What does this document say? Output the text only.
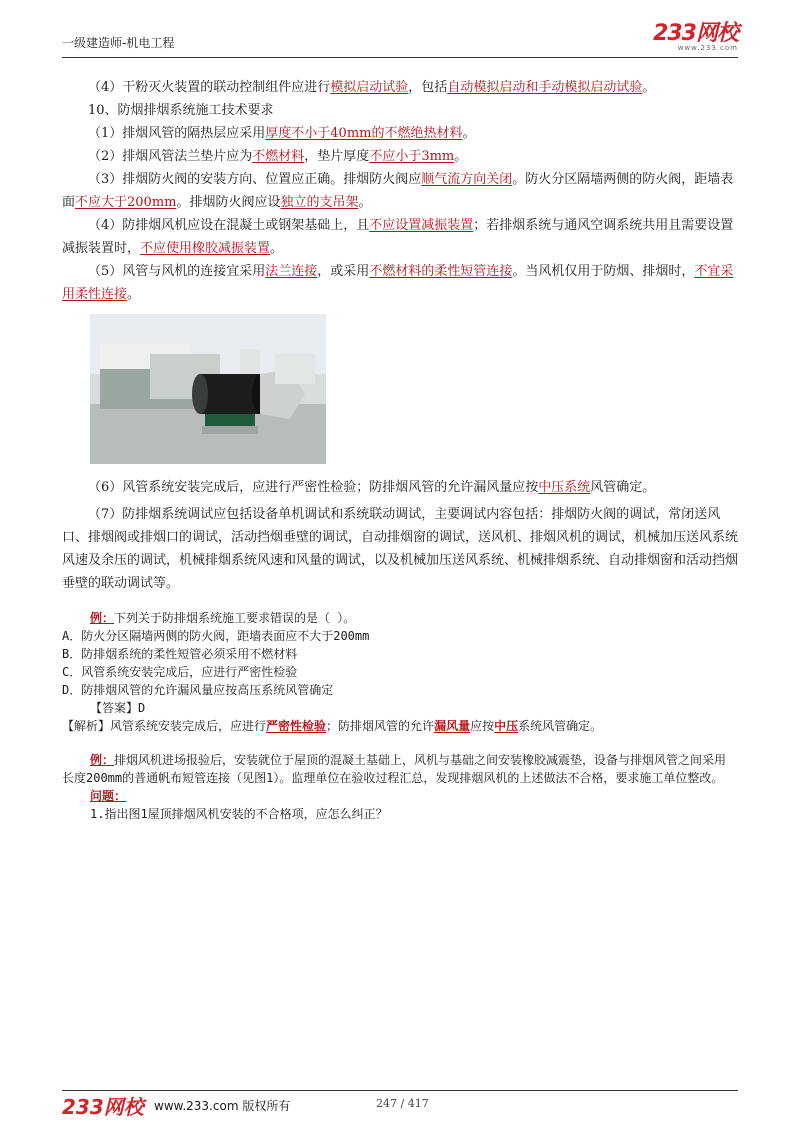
一级建造师-机电工程	233网校
www.233.com

（4）干粉灭火装置的联动控制组件应进行模拟启动试验，包括自动模拟启动和手动模拟启动试验。

10、防烟排烟系统施工技术要求

（1）排烟风管的隔热层应采用厚度不小于40mm的不燃绝热材料。

（2）排烟风管法兰垫片应为不燃材料，垫片厚度不应小于3mm。

（3）排烟防火阀的安装方向、位置应正确。排烟防火阀应顺气流方向关闭。防火分区隔墙两侧的防火阀，距墙表面不应大于200mm。排烟防火阀应设独立的支吊架。

（4）防排烟风机应设在混凝土或钢架基础上，且不应设置减振装置；若排烟系统与通风空调系统共用且需要设置减振装置时，不应使用橡胶减振装置。

（5）风管与风机的连接宜采用法兰连接，或采用不燃材料的柔性短管连接。当风机仅用于防烟、排烟时，不宜采用柔性连接。

（6）风管系统安装完成后，应进行严密性检验；防排烟风管的允许漏风量应按中压系统风管确定。

（7）防排烟系统调试应包括设备单机调试和系统联动调试，主要调试内容包括：排烟防火阀的调试，常闭送风口、排烟阀或排烟口的调试，活动挡烟垂壁的调试，自动排烟窗的调试，送风机、排烟风机的调试，机械加压送风系统风速及余压的调试，机械排烟系统风速和风量的调试，以及机械加压送风系统、机械排烟系统、自动排烟窗和活动挡烟垂壁的联动调试等。

例：下列关于防排烟系统施工要求错误的是（ ）。
A．防火分区隔墙两侧的防火阀，距墙表面应不大于200mm
B．防排烟系统的柔性短管必须采用不燃材料
C．风管系统安装完成后，应进行严密性检验
D．防排烟风管的允许漏风量应按高压系统风管确定
【答案】D
【解析】风管系统安装完成后，应进行严密性检验；防排烟风管的允许漏风量应按中压系统风管确定。
例：排烟风机进场报验后，安装就位于屋顶的混凝土基础上，风机与基础之间安装橡胶减震垫，设备与排烟风管之间采用长度200mm的普通帆布短管连接（见图1）。监理单位在验收过程汇总，发现排烟风机的上述做法不合格，要求施工单位整改。
问题：
1.指出图1屋顶排烟风机安装的不合格项，应怎么纠正？
233网校 www.233.com 版权所有	247 / 417
